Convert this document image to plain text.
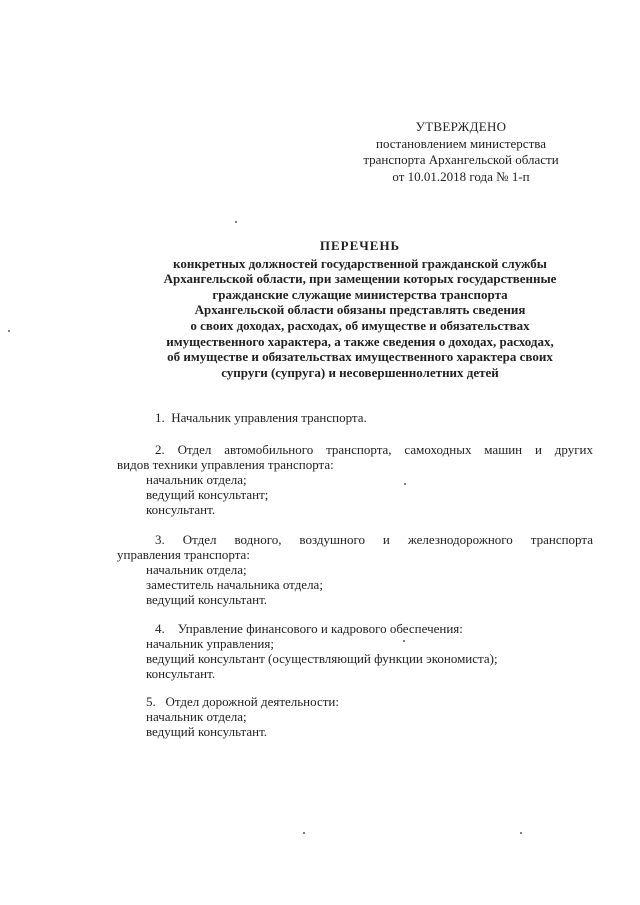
УТВЕРЖДЕНО
постановлением министерства
транспорта Архангельской области
от 10.01.2018 года № 1-п
ПЕРЕЧЕНЬ
конкретных должностей государственной гражданской службы
Архангельской области, при замещении которых государственные
гражданские служащие министерства транспорта
Архангельской области обязаны представлять сведения
о своих доходах, расходах, об имуществе и обязательствах
имущественного характера, а также сведения о доходах, расходах,
об имуществе и обязательствах имущественного характера своих
супруги (супруга) и несовершеннолетних детей
1. Начальник управления транспорта.
2. Отдел автомобильного транспорта, самоходных машин и других
видов техники управления транспорта:
начальник отдела;
ведущий консультант;
консультант.
3. Отдел водного, воздушного и железнодорожного транспорта
управления транспорта:
начальник отдела;
заместитель начальника отдела;
ведущий консультант.
4. Управление финансового и кадрового обеспечения:
начальник управления;
ведущий консультант (осуществляющий функции экономиста);
консультант.
5. Отдел дорожной деятельности:
начальник отдела;
ведущий консультант.
